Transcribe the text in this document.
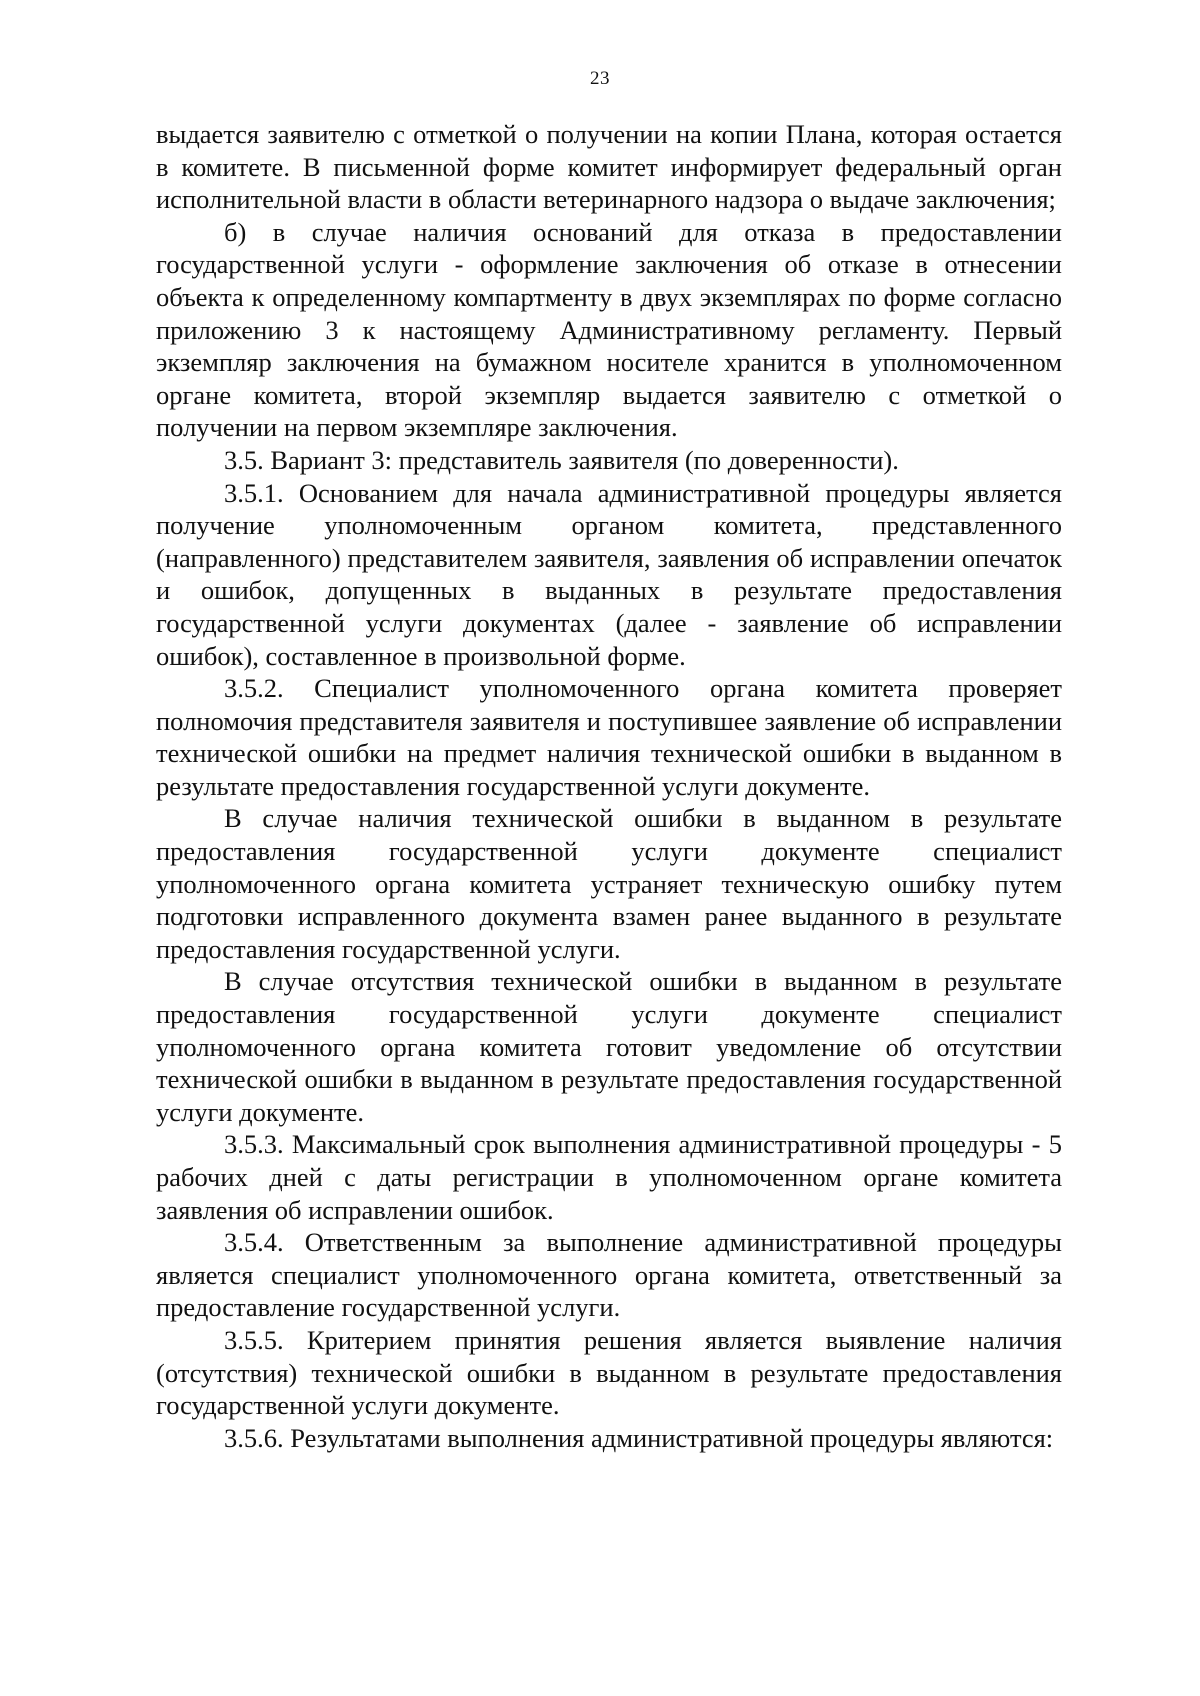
23

выдается заявителю с отметкой о получении на копии Плана, которая остается в комитете. В письменной форме комитет информирует федеральный орган исполнительной власти в области ветеринарного надзора о выдаче заключения;

б) в случае наличия оснований для отказа в предоставлении государственной услуги - оформление заключения об отказе в отнесении объекта к определенному компартменту в двух экземплярах по форме согласно приложению 3 к настоящему Административному регламенту. Первый экземпляр заключения на бумажном носителе хранится в уполномоченном органе комитета, второй экземпляр выдается заявителю с отметкой о получении на первом экземпляре заключения.

3.5. Вариант 3: представитель заявителя (по доверенности).

3.5.1. Основанием для начала административной процедуры является получение уполномоченным органом комитета, представленного (направленного) представителем заявителя, заявления об исправлении опечаток и ошибок, допущенных в выданных в результате предоставления государственной услуги документах (далее - заявление об исправлении ошибок), составленное в произвольной форме.

3.5.2. Специалист уполномоченного органа комитета проверяет полномочия представителя заявителя и поступившее заявление об исправлении технической ошибки на предмет наличия технической ошибки в выданном в результате предоставления государственной услуги документе.

В случае наличия технической ошибки в выданном в результате предоставления государственной услуги документе специалист уполномоченного органа комитета устраняет техническую ошибку путем подготовки исправленного документа взамен ранее выданного в результате предоставления государственной услуги.

В случае отсутствия технической ошибки в выданном в результате предоставления государственной услуги документе специалист уполномоченного органа комитета готовит уведомление об отсутствии технической ошибки в выданном в результате предоставления государственной услуги документе.

3.5.3. Максимальный срок выполнения административной процедуры - 5 рабочих дней с даты регистрации в уполномоченном органе комитета заявления об исправлении ошибок.

3.5.4. Ответственным за выполнение административной процедуры является специалист уполномоченного органа комитета, ответственный за предоставление государственной услуги.

3.5.5. Критерием принятия решения является выявление наличия (отсутствия) технической ошибки в выданном в результате предоставления государственной услуги документе.

3.5.6. Результатами выполнения административной процедуры являются:
